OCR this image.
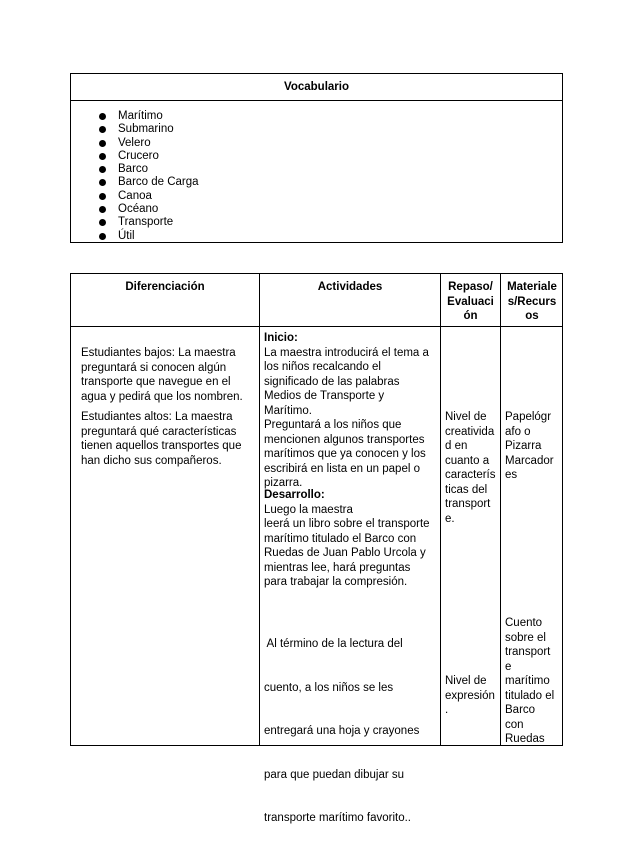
Vocabulario
Marítimo
Submarino
Velero
Crucero
Barco
Barco de Carga
Canoa
Océano
Transporte
Útil
Diferenciación	Actividades	Repaso/
Evaluaci
ón
Materiale
s/Recurs
os
Estudiantes bajos: La maestra
preguntará si conocen algún
transporte que navegue en el
agua y pedirá que los nombren.
Estudiantes altos: La maestra
preguntará qué características
tienen aquellos transportes que
han dicho sus compañeros.
Inicio:
La maestra introducirá el tema a
los niños recalcando el
significado de las palabras
Medios de Transporte y
Marítimo.
Preguntará a los niños que
mencionen algunos transportes
marítimos que ya conocen y los
escribirá en lista en un papel o
pizarra.
Desarrollo:
Luego la maestra
leerá un libro sobre el transporte
marítimo titulado el Barco con
Ruedas de Juan Pablo Urcola y
mientras lee, hará preguntas
para trabajar la compresión.

Al término de la lectura del

cuento, a los niños se les

entregará una hoja y crayones

para que puedan dibujar su

transporte marítimo favorito..

Nivel de
creativida
d en
cuanto a
caracterís
ticas del
transport
e.
Nivel de
expresión
.
Papelógr
afo o
Pizarra
Marcador
es
Cuento
sobre el
transport
e
marítimo
titulado el
Barco
con
Ruedas
